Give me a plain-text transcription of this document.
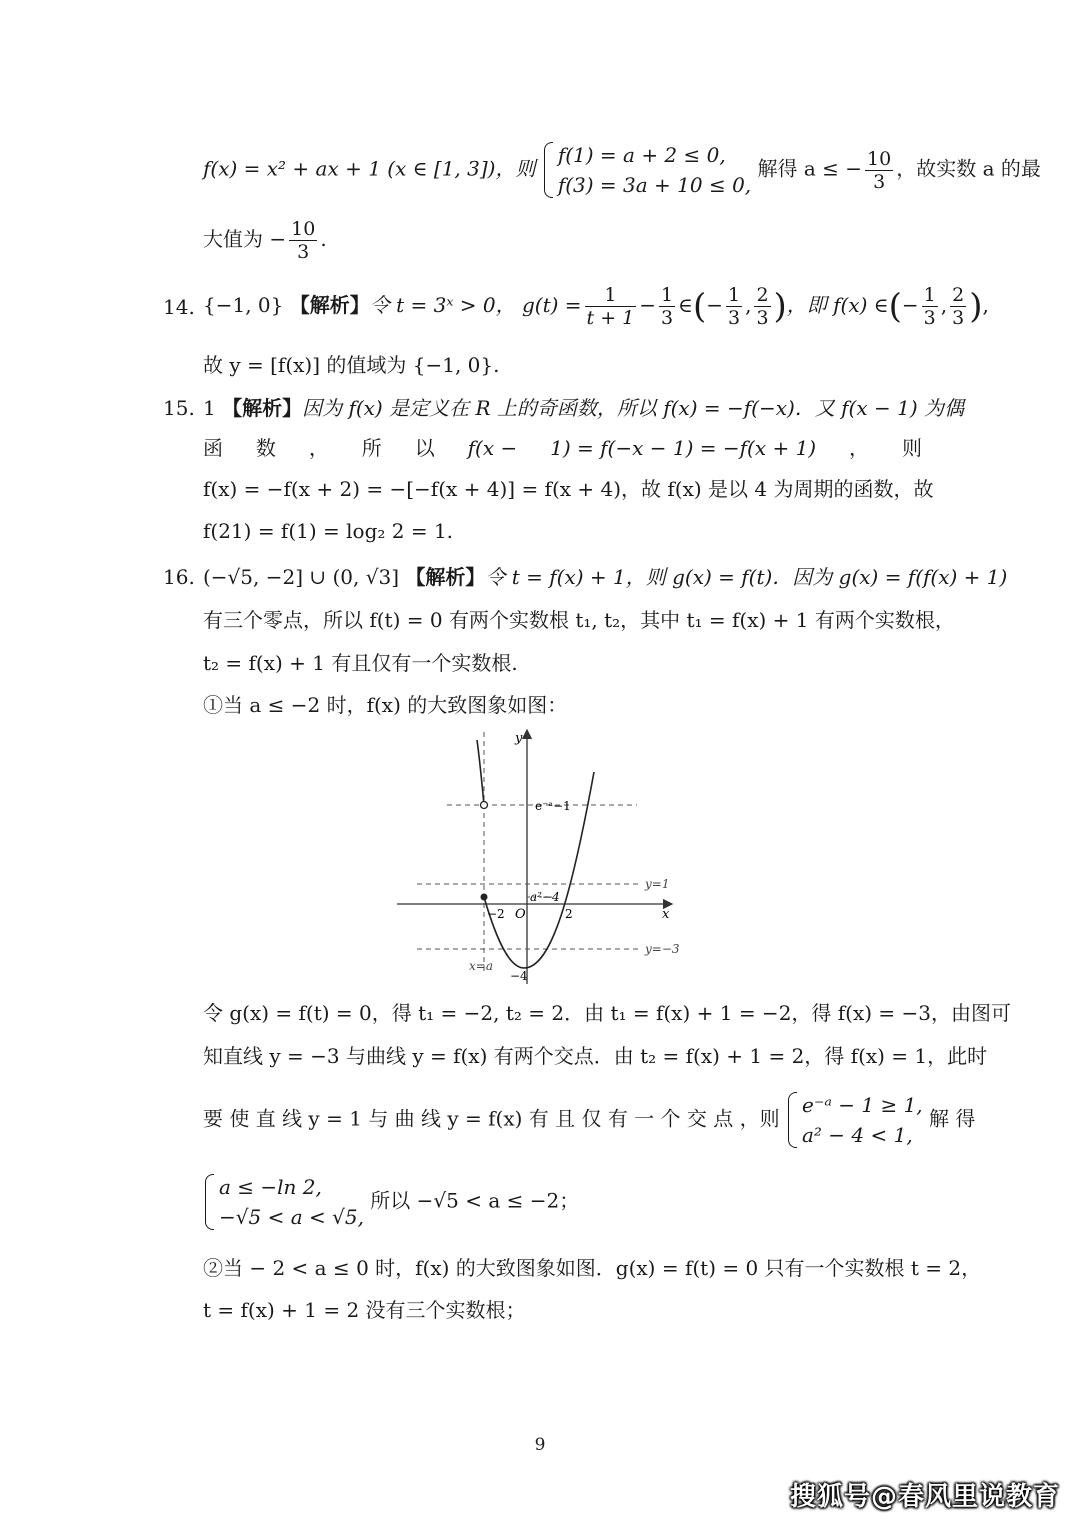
f(x) = x² + ax + 1 (x ∈ [1, 3])，则
f(1) = a + 2 ≤ 0,
f(3) = 3a + 10 ≤ 0,
解得 a ≤ − $\frac{10}{3}$ ，故实数 a 的最
大值为 − $\frac{10}{3}$ .
14. {−1, 0} 【解析】令 t = 3ˣ > 0， $g(t) = \frac{1}{t + 1} - \frac{1}{3}$ ∈(− $\frac{1}{3}$ , $\frac{2}{3}$ )，即 f(x) ∈(− $\frac{1}{3}$ , $\frac{2}{3}$ ),
故 y = [f(x)] 的值域为 {−1, 0}.
15. 1 【解析】因为 f(x) 是定义在 R 上的奇函数，所以 f(x) = −f(−x)．又 f(x − 1) 为偶
函 数 ， 所 以 f(x − 1) = f(−x − 1) = −f(x + 1) ， 则
f(x) = −f(x + 2) = −[−f(x + 4)] = f(x + 4)，故 f(x) 是以 4 为周期的函数，故
f(21) = f(1) = log₂ 2 = 1.
16. (−√5, −2] ∪ (0, √3] 【解析】令 t = f(x) + 1，则 g(x) = f(t)．因为 g(x) = f(f(x) + 1)
有三个零点，所以 f(t) = 0 有两个实数根 t₁, t₂，其中 t₁ = f(x) + 1 有两个实数根，
t₂ = f(x) + 1 有且仅有一个实数根.
①当 a ≤ −2 时，f(x) 的大致图象如图：
y
x
O
e⁻ᵃ−1
y=1
a²−4
−2	2
y=−3
x=a
−4
令 g(x) = f(t) = 0，得 t₁ = −2, t₂ = 2．由 t₁ = f(x) + 1 = −2，得 f(x) = −3，由图可
知直线 y = −3 与曲线 y = f(x) 有两个交点．由 t₂ = f(x) + 1 = 2，得 f(x) = 1，此时
要 使 直 线 y = 1 与 曲 线 y = f(x) 有 且 仅 有 一 个 交 点 ，则
e⁻ᵃ − 1 ≥ 1,
a² − 4 < 1,
解 得
a ≤ −ln 2,
−√5 < a < √5,
所以 −√5 < a ≤ −2；
②当 − 2 < a ≤ 0 时，f(x) 的大致图象如图．g(x) = f(t) = 0 只有一个实数根 t = 2，
t = f(x) + 1 = 2 没有三个实数根；
9
搜狐号@春风里说教育
